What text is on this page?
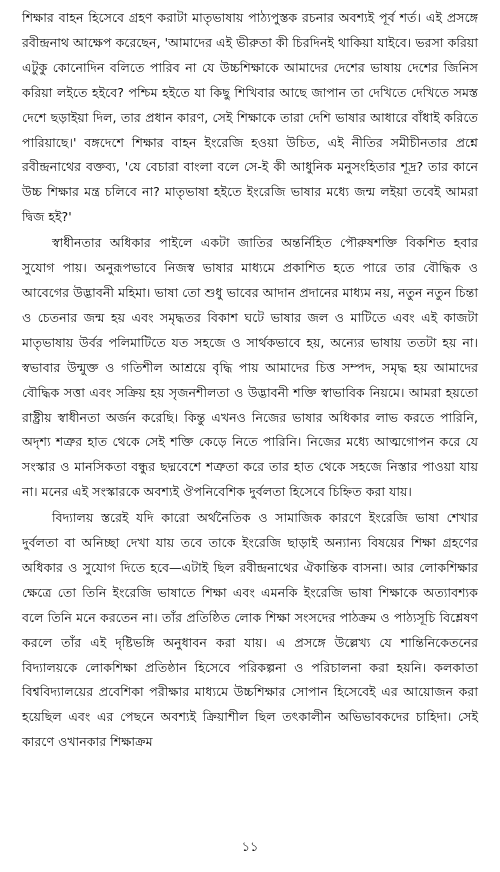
শিক্ষার বাহন হিসেবে গ্রহণ করাটা মাতৃভাষায় পাঠ্যপুস্তক রচনার অবশ্যই পূর্ব শর্ত। এই প্রসঙ্গে রবীন্দ্রনাথ আক্ষেপ করেছেন, 'আমাদের এই ভীরুতা কী চিরদিনই থাকিয়া যাইবে। ভরসা করিয়া এটুকু কোনোদিন বলিতে পারিব না যে উচ্চশিক্ষাকে আমাদের দেশের ভাষায় দেশের জিনিস করিয়া লইতে হইবে? পশ্চিম হইতে যা কিছু শিখিবার আছে জাপান তা দেখিতে দেখিতে সমস্ত দেশে ছড়াইয়া দিল, তার প্রধান কারণ, সেই শিক্ষাকে তারা দেশি ভাষার আধারে বাঁধাই করিতে পারিয়াছে।' বঙ্গদেশে শিক্ষার বাহন ইংরেজি হওয়া উচিত, এই নীতির সমীচীনতার প্রশ্নে রবীন্দ্রনাথের বক্তব্য, 'যে বেচারা বাংলা বলে সে-ই কী আধুনিক মনুসংহিতার শূদ্র? তার কানে উচ্চ শিক্ষার মন্ত্র চলিবে না? মাতৃভাষা হইতে ইংরেজি ভাষার মধ্যে জন্ম লইয়া তবেই আমরা দ্বিজ হই?'

স্বাধীনতার অধিকার পাইলে একটা জাতির অন্তর্নিহিত পৌরুষশক্তি বিকশিত হবার সুযোগ পায়। অনুরূপভাবে নিজস্ব ভাষার মাধ্যমে প্রকাশিত হতে পারে তার বৌদ্ধিক ও আবেগের উদ্ভাবনী মহিমা। ভাষা তো শুধু ভাবের আদান প্রদানের মাধ্যম নয়, নতুন নতুন চিন্তা ও চেতনার জন্ম হয় এবং সমৃদ্ধতর বিকাশ ঘটে ভাষার জল ও মাটিতে এবং এই কাজটা মাতৃভাষায় উর্বর পলিমাটিতে যত সহজে ও সার্থকভাবে হয়, অন্যের ভাষায় ততটা হয় না। স্বভাবার উন্মুক্ত ও গতিশীল আশ্রয়ে বৃদ্ধি পায় আমাদের চিত্ত সম্পদ, সমৃদ্ধ হয় আমাদের বৌদ্ধিক সত্তা এবং সক্রিয় হয় সৃজনশীলতা ও উদ্ভাবনী শক্তি স্বাভাবিক নিয়মে। আমরা হয়তো রাষ্ট্রীয় স্বাধীনতা অর্জন করেছি। কিন্তু এখনও নিজের ভাষার অধিকার লাভ করতে পারিনি, অদৃশ্য শত্রুর হাত থেকে সেই শক্তি কেড়ে নিতে পারিনি। নিজের মধ্যে আত্মগোপন করে যে সংস্কার ও মানসিকতা বন্ধুর ছদ্মবেশে শত্রুতা করে তার হাত থেকে সহজে নিস্তার পাওয়া যায় না। মনের এই সংস্কারকে অবশ্যই ঔপনিবেশিক দুর্বলতা হিসেবে চিহ্নিত করা যায়।

বিদ্যালয় স্তরেই যদি কারো অর্থনৈতিক ও সামাজিক কারণে ইংরেজি ভাষা শেখার দুর্বলতা বা অনিচ্ছা দেখা যায় তবে তাকে ইংরেজি ছাড়াই অন্যান্য বিষয়ের শিক্ষা গ্রহণের অধিকার ও সুযোগ দিতে হবে—এটাই ছিল রবীন্দ্রনাথের ঐকান্তিক বাসনা। আর লোকশিক্ষার ক্ষেত্রে তো তিনি ইংরেজি ভাষাতে শিক্ষা এবং এমনকি ইংরেজি ভাষা শিক্ষাকে অত্যাবশ্যক বলে তিনি মনে করতেন না। তাঁর প্রতিষ্ঠিত লোক শিক্ষা সংসদের পাঠক্রম ও পাঠ্যসূচি বিশ্লেষণ করলে তাঁর এই দৃষ্টিভঙ্গি অনুধাবন করা যায়। এ প্রসঙ্গে উল্লেখ্য যে শান্তিনিকেতনের বিদ্যালয়কে লোকশিক্ষা প্রতিষ্ঠান হিসেবে পরিকল্পনা ও পরিচালনা করা হয়নি। কলকাতা বিশ্ববিদ্যালয়ের প্রবেশিকা পরীক্ষার মাধ্যমে উচ্চশিক্ষার সোপান হিসেবেই এর আয়োজন করা হয়েছিল এবং এর পেছনে অবশ্যই ক্রিয়াশীল ছিল তৎকালীন অভিভাবকদের চাহিদা। সেই কারণে ওখানকার শিক্ষাক্রম

১১
